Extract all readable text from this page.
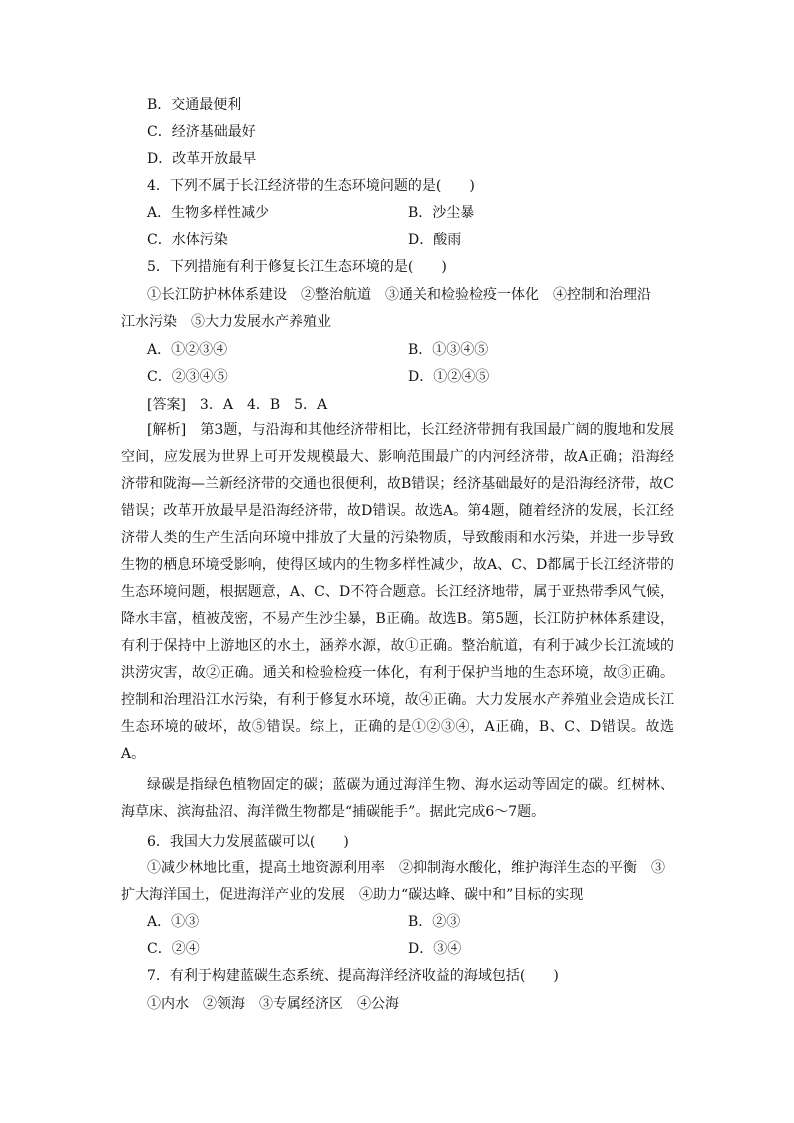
B．交通最便利
C．经济基础最好
D．改革开放最早
4．下列不属于长江经济带的生态环境问题的是(　　)
A．生物多样性减少	B．沙尘暴
C．水体污染	D．酸雨
5．下列措施有利于修复长江生态环境的是(　　)
①长江防护林体系建设　②整治航道　③通关和检验检疫一体化　④控制和治理沿
江水污染　⑤大力发展水产养殖业
A．①②③④	B．①③④⑤
C．②③④⑤	D．①②④⑤
[答案]　3．A　4．B　5．A
[解析]　第3题，与沿海和其他经济带相比，长江经济带拥有我国最广阔的腹地和发展空间，应发展为世界上可开发规模最大、影响范围最广的内河经济带，故A正确；沿海经济带和陇海—兰新经济带的交通也很便利，故B错误；经济基础最好的是沿海经济带，故C错误；改革开放最早是沿海经济带，故D错误。故选A。第4题，随着经济的发展，长江经济带人类的生产生活向环境中排放了大量的污染物质，导致酸雨和水污染，并进一步导致生物的栖息环境受影响，使得区域内的生物多样性减少，故A、C、D都属于长江经济带的生态环境问题，根据题意，A、C、D不符合题意。长江经济地带，属于亚热带季风气候，降水丰富，植被茂密，不易产生沙尘暴，B正确。故选B。第5题，长江防护林体系建设，有利于保持中上游地区的水土，涵养水源，故①正确。整治航道，有利于减少长江流域的洪涝灾害，故②正确。通关和检验检疫一体化，有利于保护当地的生态环境，故③正确。控制和治理沿江水污染，有利于修复水环境，故④正确。大力发展水产养殖业会造成长江生态环境的破坏，故⑤错误。综上，正确的是①②③④，A正确，B、C、D错误。故选A。
绿碳是指绿色植物固定的碳；蓝碳为通过海洋生物、海水运动等固定的碳。红树林、海草床、滨海盐沼、海洋微生物都是“捕碳能手”。据此完成6～7题。
6．我国大力发展蓝碳可以(　　)
①减少林地比重，提高土地资源利用率　②抑制海水酸化，维护海洋生态的平衡　③
扩大海洋国土，促进海洋产业的发展　④助力“碳达峰、碳中和”目标的实现
A．①③	B．②③
C．②④	D．③④
7．有利于构建蓝碳生态系统、提高海洋经济收益的海域包括(　　)
①内水　②领海　③专属经济区　④公海
